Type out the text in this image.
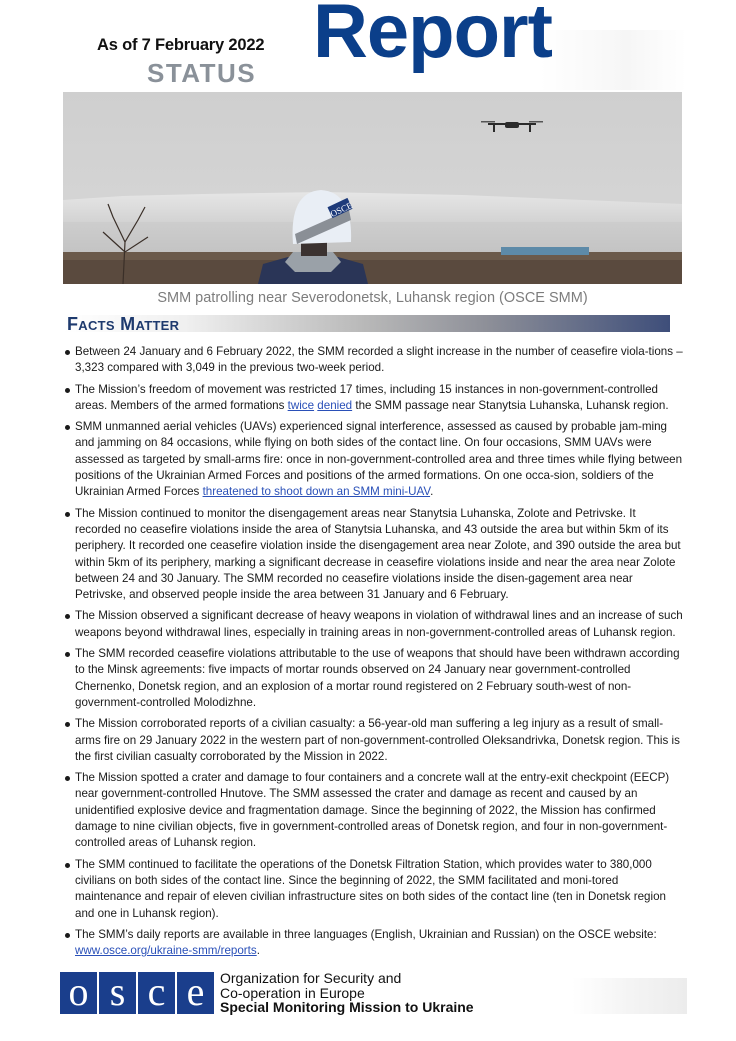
As of 7 February 2022
STATUS Report
OSCE
SMM patrolling near Severodonetsk, Luhansk region (OSCE SMM)
Facts Matter
Between 24 January and 6 February 2022, the SMM recorded a slight increase in the number of ceasefire viola-tions – 3,323 compared with 3,049 in the previous two-week period.
The Mission’s freedom of movement was restricted 17 times, including 15 instances in non-government-controlled areas. Members of the armed formations twice denied the SMM passage near Stanytsia Luhanska, Luhansk region.
SMM unmanned aerial vehicles (UAVs) experienced signal interference, assessed as caused by probable jam-ming and jamming on 84 occasions, while flying on both sides of the contact line. On four occasions, SMM UAVs were assessed as targeted by small-arms fire: once in non-government-controlled area and three times while flying between positions of the Ukrainian Armed Forces and positions of the armed formations. On one occa-sion, soldiers of the Ukrainian Armed Forces threatened to shoot down an SMM mini-UAV.
The Mission continued to monitor the disengagement areas near Stanytsia Luhanska, Zolote and Petrivske. It recorded no ceasefire violations inside the area of Stanytsia Luhanska, and 43 outside the area but within 5km of its periphery. It recorded one ceasefire violation inside the disengagement area near Zolote, and 390 outside the area but within 5km of its periphery, marking a significant decrease in ceasefire violations inside and near the area near Zolote between 24 and 30 January. The SMM recorded no ceasefire violations inside the disen-gagement area near Petrivske, and observed people inside the area between 31 January and 6 February.
The Mission observed a significant decrease of heavy weapons in violation of withdrawal lines and an increase of such weapons beyond withdrawal lines, especially in training areas in non-government-controlled areas of Luhansk region.
The SMM recorded ceasefire violations attributable to the use of weapons that should have been withdrawn according to the Minsk agreements: five impacts of mortar rounds observed on 24 January near government-controlled Chernenko, Donetsk region, and an explosion of a mortar round registered on 2 February south-west of non-government-controlled Molodizhne.
The Mission corroborated reports of a civilian casualty: a 56-year-old man suffering a leg injury as a result of small-arms fire on 29 January 2022 in the western part of non-government-controlled Oleksandrivka, Donetsk region. This is the first civilian casualty corroborated by the Mission in 2022.
The Mission spotted a crater and damage to four containers and a concrete wall at the entry-exit checkpoint (EECP) near government-controlled Hnutove. The SMM assessed the crater and damage as recent and caused by an unidentified explosive device and fragmentation damage. Since the beginning of 2022, the Mission has confirmed damage to nine civilian objects, five in government-controlled areas of Donetsk region, and four in non-government-controlled areas of Luhansk region.
The SMM continued to facilitate the operations of the Donetsk Filtration Station, which provides water to 380,000 civilians on both sides of the contact line. Since the beginning of 2022, the SMM facilitated and moni-tored maintenance and repair of eleven civilian infrastructure sites on both sides of the contact line (ten in Donetsk region and one in Luhansk region).
The SMM’s daily reports are available in three languages (English, Ukrainian and Russian) on the OSCE website: www.osce.org/ukraine-smm/reports.
o s c e	Organization for Security and
Co-operation in Europe
Special Monitoring Mission to Ukraine
